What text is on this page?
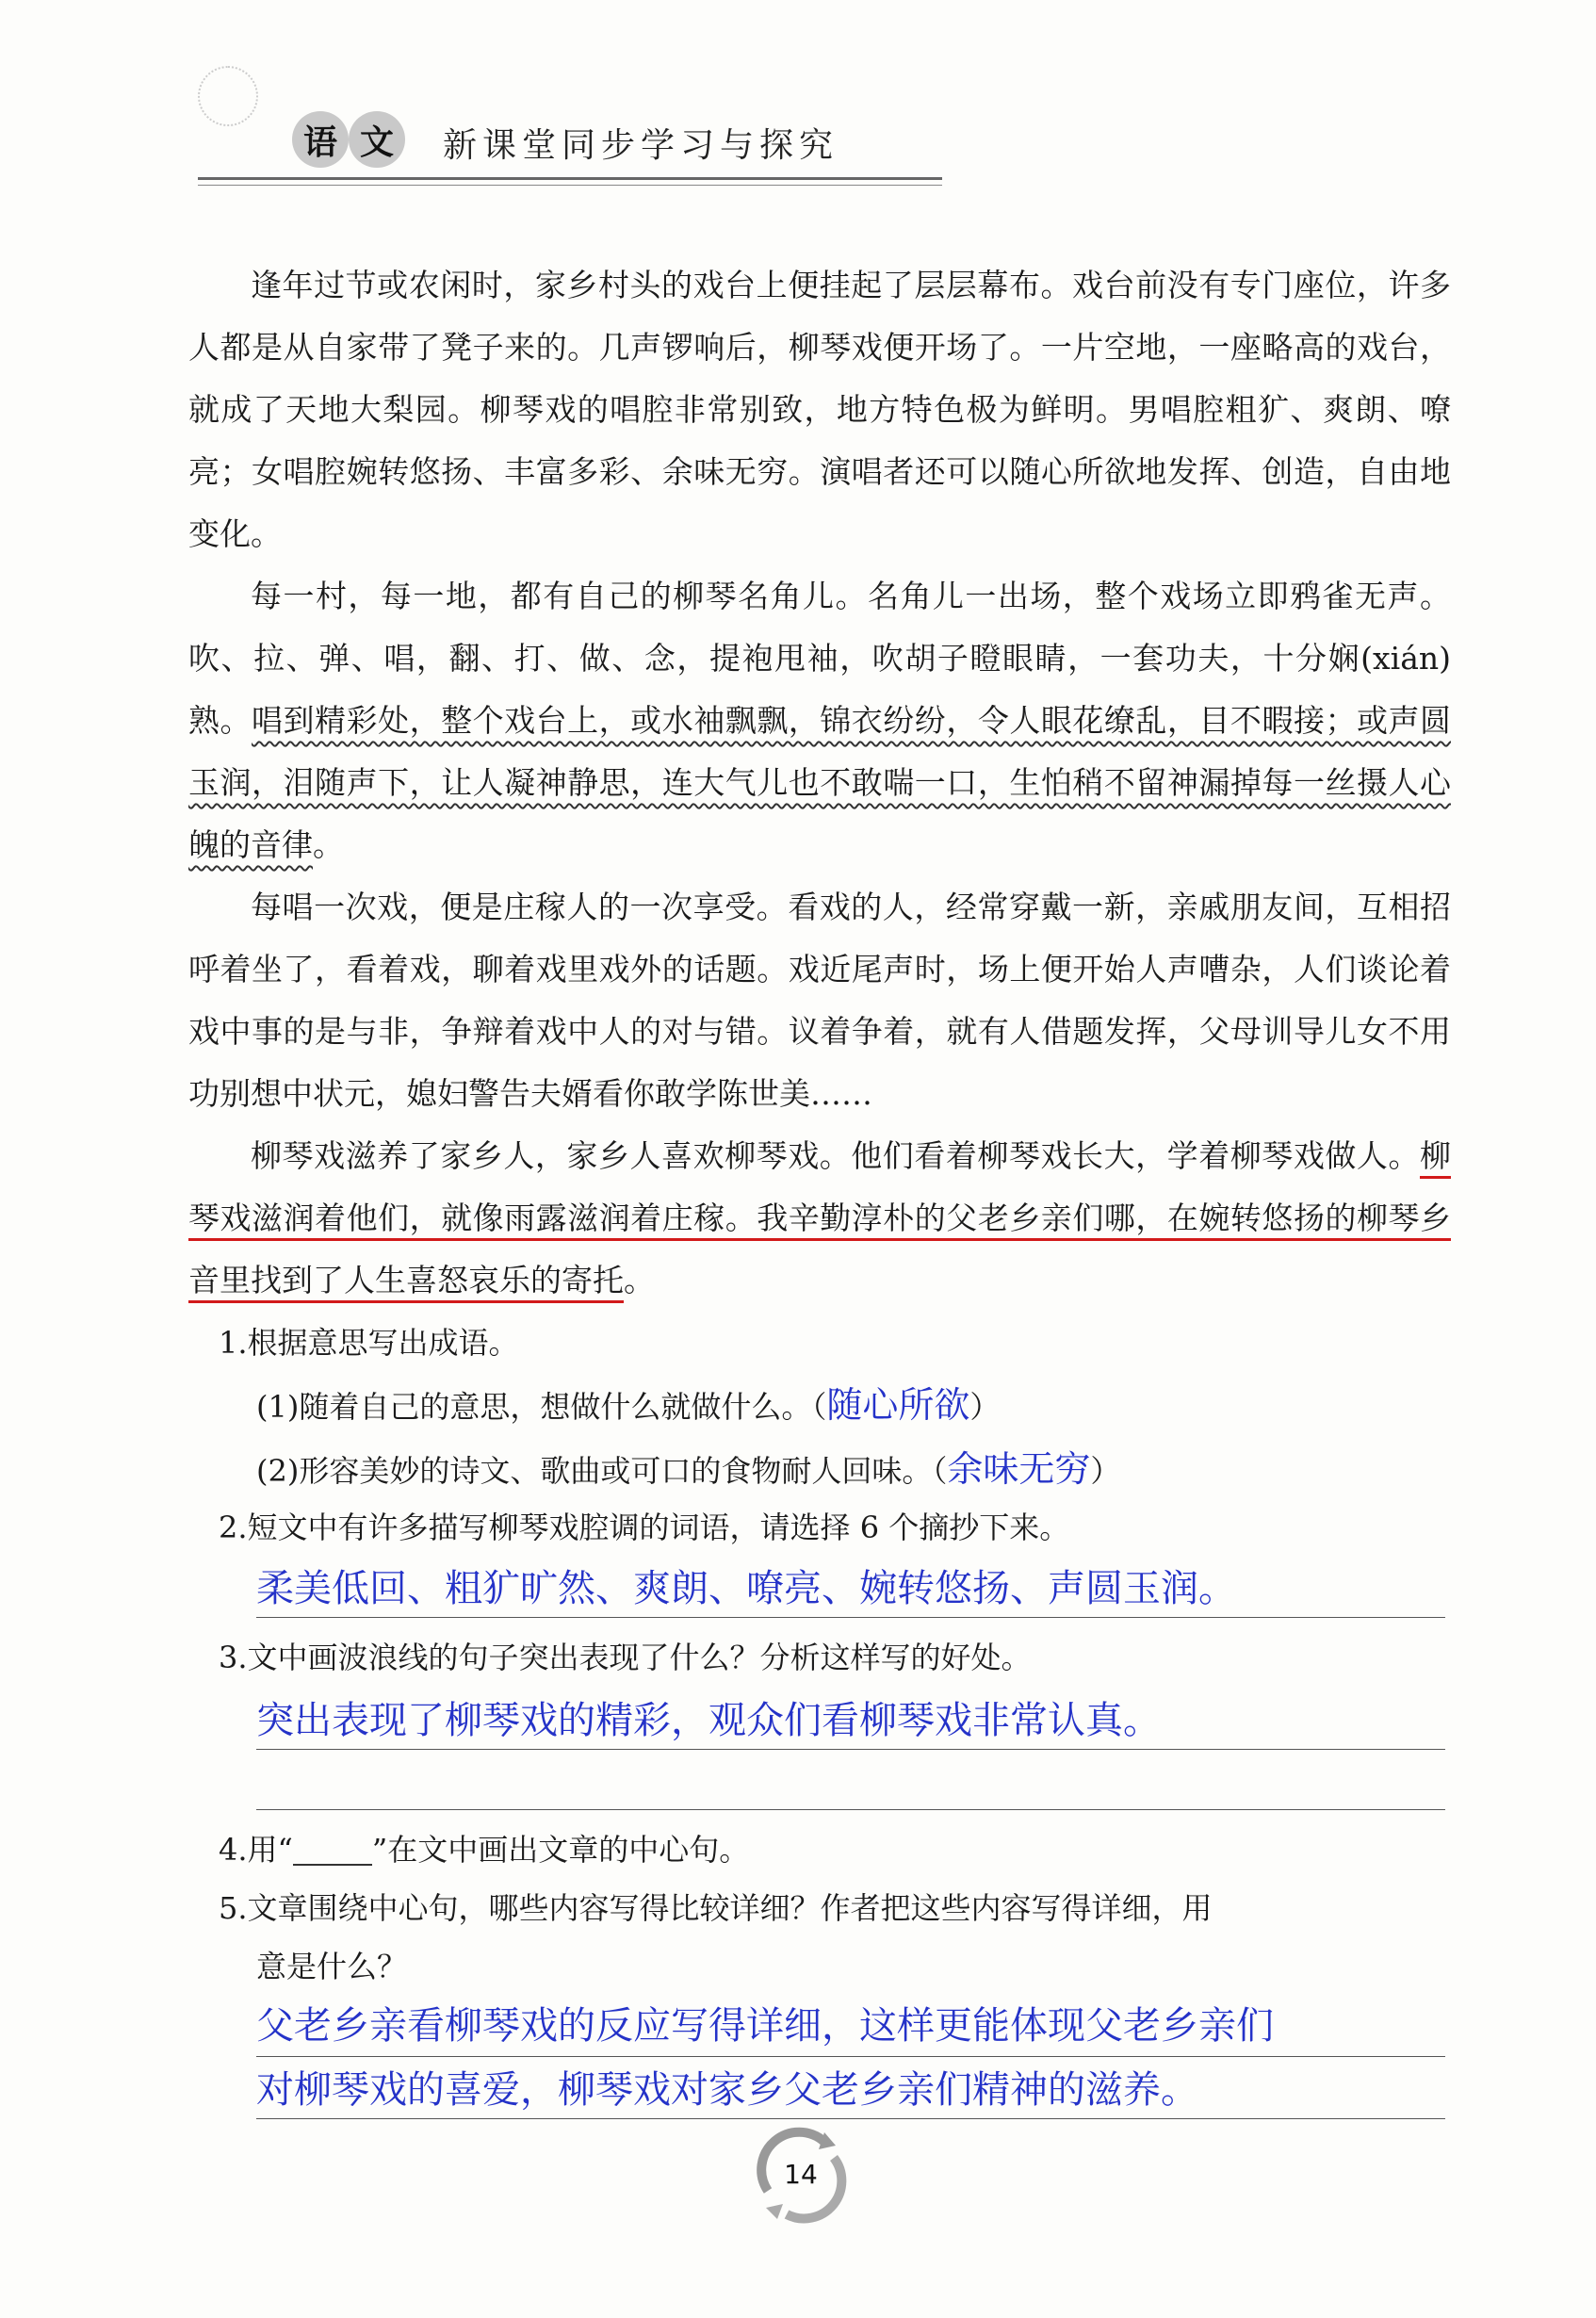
语 文	新课堂同步学习与探究

逢年过节或农闲时，家乡村头的戏台上便挂起了层层幕布。戏台前没有专门座位，许多人都是从自家带了凳子来的。几声锣响后，柳琴戏便开场了。一片空地，一座略高的戏台，就成了天地大梨园。柳琴戏的唱腔非常别致，地方特色极为鲜明。男唱腔粗犷、爽朗、嘹亮；女唱腔婉转悠扬、丰富多彩、余味无穷。演唱者还可以随心所欲地发挥、创造，自由地变化。

每一村，每一地，都有自己的柳琴名角儿。名角儿一出场，整个戏场立即鸦雀无声。吹、拉、弹、唱，翻、打、做、念，提袍甩袖，吹胡子瞪眼睛，一套功夫，十分娴(xián)熟。唱到精彩处，整个戏台上，或水袖飘飘，锦衣纷纷，令人眼花缭乱，目不暇接；或声圆玉润，泪随声下，让人凝神静思，连大气儿也不敢喘一口，生怕稍不留神漏掉每一丝摄人心魄的音律。

每唱一次戏，便是庄稼人的一次享受。看戏的人，经常穿戴一新，亲戚朋友间，互相招呼着坐了，看着戏，聊着戏里戏外的话题。戏近尾声时，场上便开始人声嘈杂，人们谈论着戏中事的是与非，争辩着戏中人的对与错。议着争着，就有人借题发挥，父母训导儿女不用功别想中状元，媳妇警告夫婿看你敢学陈世美……

柳琴戏滋养了家乡人，家乡人喜欢柳琴戏。他们看着柳琴戏长大，学着柳琴戏做人。柳琴戏滋润着他们，就像雨露滋润着庄稼。我辛勤淳朴的父老乡亲们哪，在婉转悠扬的柳琴乡音里找到了人生喜怒哀乐的寄托。

1.根据意思写出成语。
(1)随着自己的意思，想做什么就做什么。（随心所欲）
(2)形容美妙的诗文、歌曲或可口的食物耐人回味。（余味无穷）
2.短文中有许多描写柳琴戏腔调的词语，请选择 6 个摘抄下来。
柔美低回、粗犷旷然、爽朗、嘹亮、婉转悠扬、声圆玉润。
3.文中画波浪线的句子突出表现了什么？分析这样写的好处。
突出表现了柳琴戏的精彩，观众们看柳琴戏非常认真。
4.用“	”在文中画出文章的中心句。
5.文章围绕中心句，哪些内容写得比较详细？作者把这些内容写得详细，用
意是什么？
父老乡亲看柳琴戏的反应写得详细，这样更能体现父老乡亲们
对柳琴戏的喜爱，柳琴戏对家乡父老乡亲们精神的滋养。
14
